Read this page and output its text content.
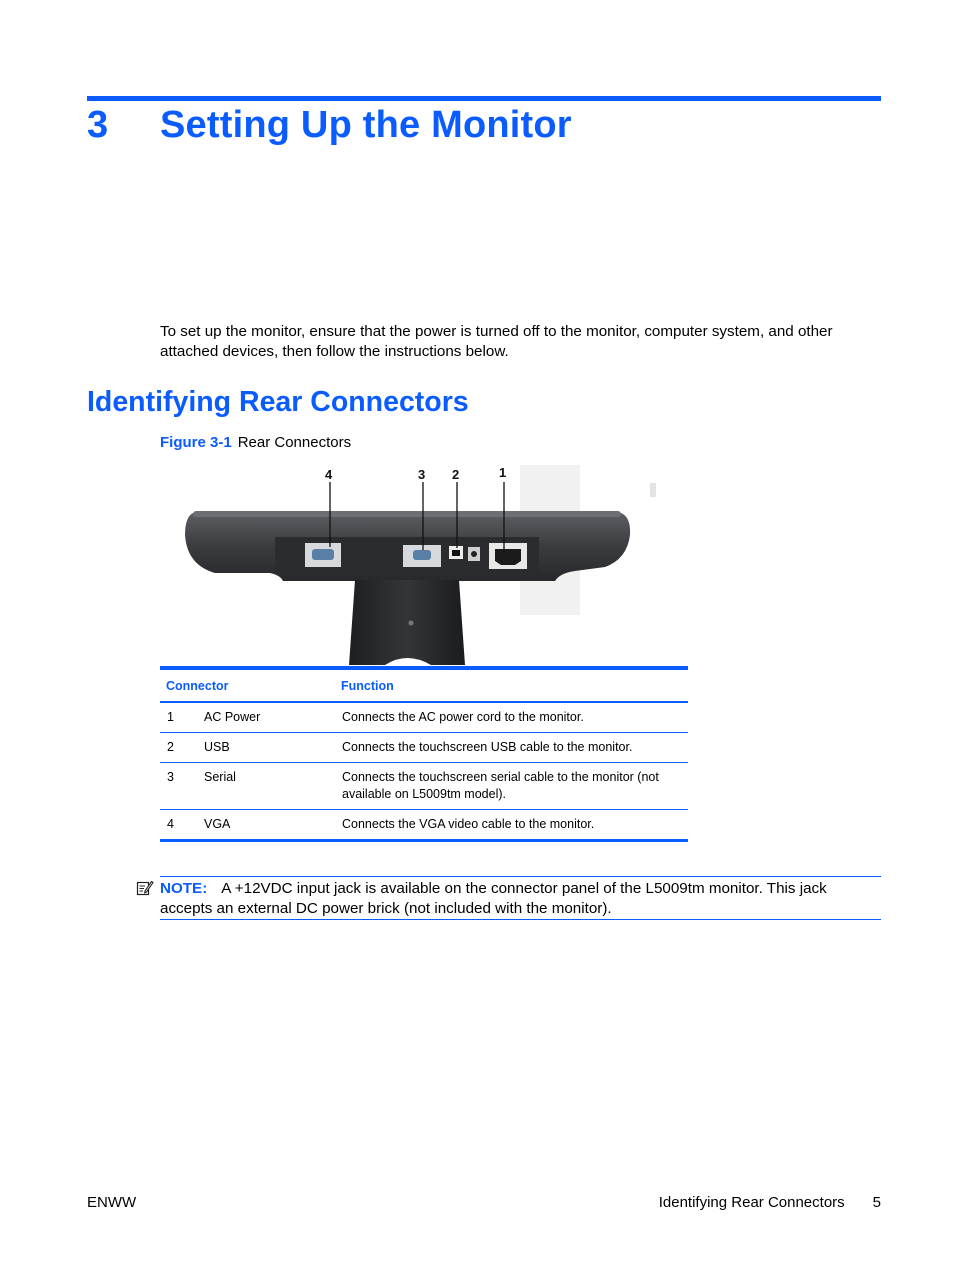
3 Setting Up the Monitor
To set up the monitor, ensure that the power is turned off to the monitor, computer system, and other attached devices, then follow the instructions below.
Identifying Rear Connectors
Figure 3-1 Rear Connectors
4	3 2	1
Connector		Function
1	AC Power	Connects the AC power cord to the monitor.
2	USB	Connects the touchscreen USB cable to the monitor.
3	Serial	Connects the touchscreen serial cable to the monitor (not available on L5009tm model).
4	VGA	Connects the VGA video cable to the monitor.
NOTE: A +12VDC input jack is available on the connector panel of the L5009tm monitor. This jack accepts an external DC power brick (not included with the monitor).
ENWW	Identifying Rear Connectors 5
